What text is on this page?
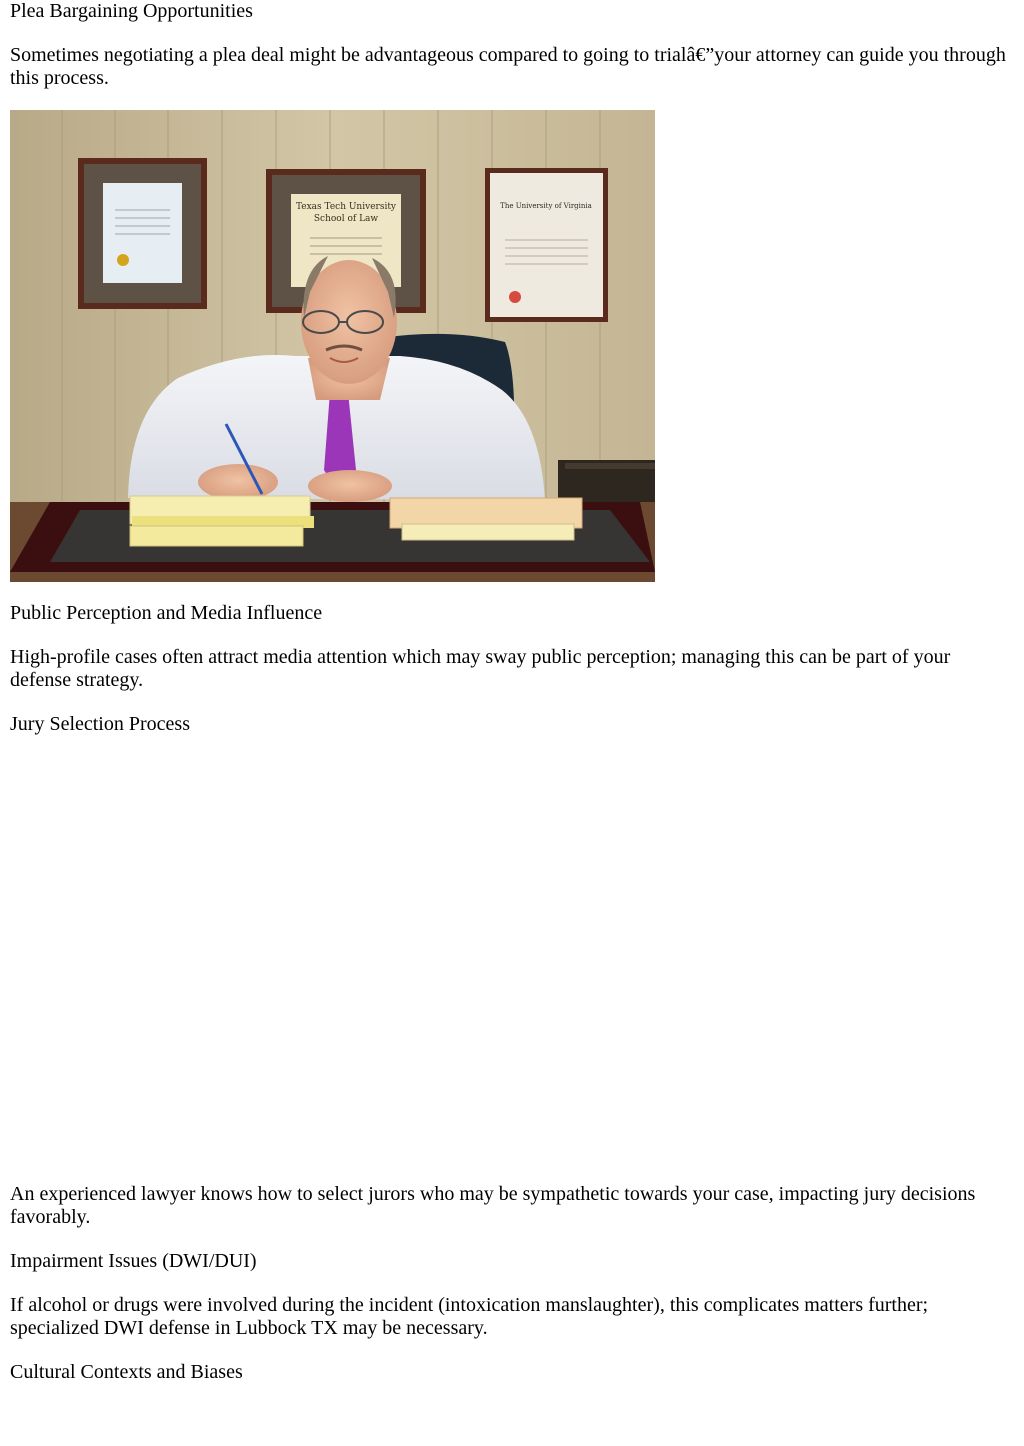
Plea Bargaining Opportunities

Sometimes negotiating a plea deal might be advantageous compared to going to trialâ€”your attorney can guide you through this process.

Texas Tech University
School of Law
The University of Virginia

Public Perception and Media Influence

High-profile cases often attract media attention which may sway public perception; managing this can be part of your defense strategy.

Jury Selection Process

An experienced lawyer knows how to select jurors who may be sympathetic towards your case, impacting jury decisions favorably.

Impairment Issues (DWI/DUI)

If alcohol or drugs were involved during the incident (intoxication manslaughter), this complicates matters further; specialized DWI defense in Lubbock TX may be necessary.

Cultural Contexts and Biases
